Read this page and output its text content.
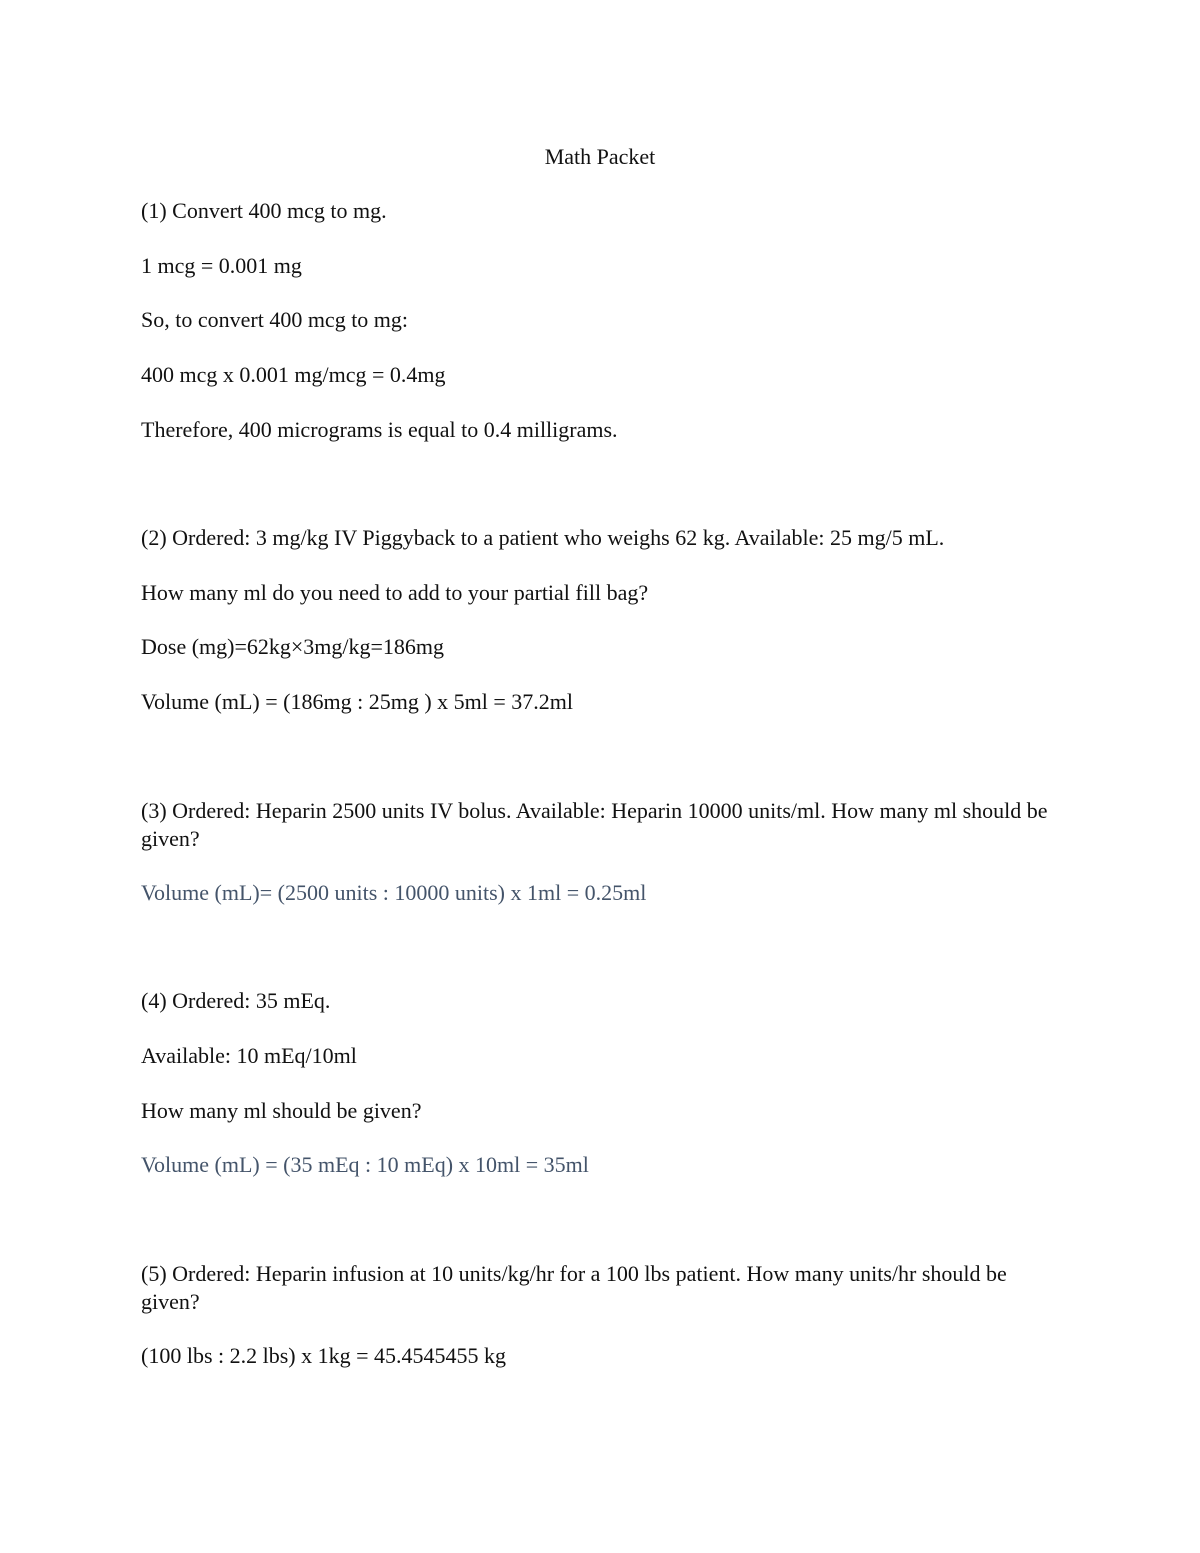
Math Packet
(1) Convert 400 mcg to mg.
1 mcg = 0.001 mg
So, to convert 400 mcg to mg:
400 mcg x 0.001 mg/mcg = 0.4mg
Therefore, 400 micrograms is equal to 0.4 milligrams.
(2) Ordered: 3 mg/kg IV Piggyback to a patient who weighs 62 kg. Available: 25 mg/5 mL.
How many ml do you need to add to your partial fill bag?
Dose (mg)=62kg×3mg/kg=186mg
Volume (mL) = (186mg : 25mg ) x 5ml = 37.2ml
(3) Ordered: Heparin 2500 units IV bolus. Available: Heparin 10000 units/ml. How many ml should be given?
Volume (mL)= (2500 units : 10000 units) x 1ml = 0.25ml
(4) Ordered: 35 mEq.
Available: 10 mEq/10ml
How many ml should be given?
Volume (mL) = (35 mEq : 10 mEq) x 10ml = 35ml
(5) Ordered: Heparin infusion at 10 units/kg/hr for a 100 lbs patient. How many units/hr should be given?
(100 lbs : 2.2 lbs) x 1kg = 45.4545455 kg
